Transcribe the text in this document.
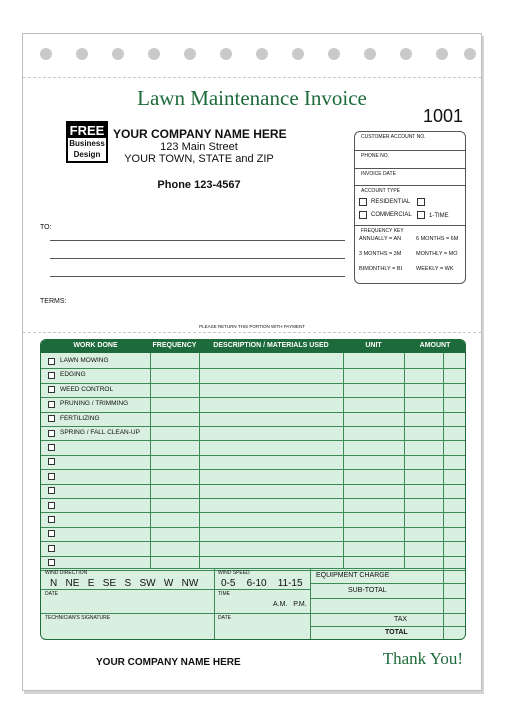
Lawn Maintenance Invoice
1001
FREE
Business
Design
YOUR COMPANY NAME HERE
123 Main Street
YOUR TOWN, STATE and ZIP
Phone 123-4567
TO:
TERMS:
CUSTOMER ACCOUNT NO.
PHONE NO.
INVOICE DATE
ACCOUNT TYPE
RESIDENTIAL
COMMERCIAL	1-TIME
FREQUENCY KEY
ANNUALLY = AN	6 MONTHS = 6M
3 MONTHS = 3M	MONTHLY = MO
BIMONTHLY = BI	WEEKLY = WK
PLEASE RETURN THIS PORTION WITH PAYMENT
WORK DONE	FREQUENCY	DESCRIPTION / MATERIALS USED	UNIT	AMOUNT
LAWN MOWING
EDGING
WEED CONTROL
PRUNING / TRIMMING
FERTILIZING
SPRING / FALL CLEAN-UP
WIND DIRECTION
N   NE   E   SE   S   SW   W   NW
WIND SPEED
0-5    6-10    11-15
DATE	TIME
A.M.   P.M.
TECHNICIAN'S SIGNATURE	DATE
EQUIPMENT CHARGE
SUB-TOTAL
TAX
TOTAL
YOUR COMPANY NAME HERE	Thank You!
